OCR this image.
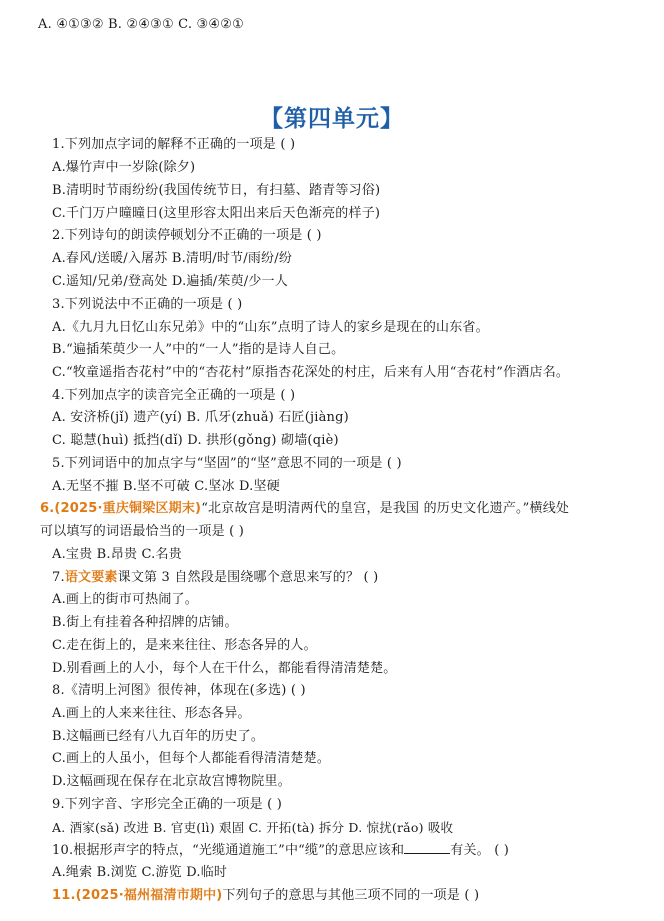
A. ④①③② B. ②④③① C. ③④②①
【第四单元】
1.下列加点字词的解释不正确的一项是 ( )
A.爆竹声中一岁除(除夕)
B.清明时节雨纷纷(我国传统节日，有扫墓、踏青等习俗)
C.千门万户曈曈日(这里形容太阳出来后天色渐亮的样子)
2.下列诗句的朗读停顿划分不正确的一项是 ( )
A.春风/送暖/入屠苏 B.清明/时节/雨纷/纷
C.遥知/兄弟/登高处 D.遍插/茱萸/少一人
3.下列说法中不正确的一项是 ( )
A.《九月九日忆山东兄弟》中的“山东”点明了诗人的家乡是现在的山东省。
B.“遍插茱萸少一人”中的“一人”指的是诗人自己。
C.“牧童遥指杏花村”中的“杏花村”原指杏花深处的村庄，后来有人用“杏花村”作酒店名。
4.下列加点字的读音完全正确的一项是 ( )
A. 安济桥(jǐ) 遗产(yí) B. 爪牙(zhuǎ) 石匠(jiàng)
C. 聪慧(huì) 抵挡(dǐ) D. 拱形(gǒng) 砌墙(qiè)
5.下列词语中的加点字与“坚固”的“坚”意思不同的一项是 ( )
A.无坚不摧 B.坚不可破 C.坚冰 D.坚硬
6.(2025·重庆铜梁区期末)“北京故宫是明清两代的皇宫，是我国 的历史文化遗产。”横线处
可以填写的词语最恰当的一项是 ( )
A.宝贵 B.昂贵 C.名贵
7.语文要素课文第 3 自然段是围绕哪个意思来写的？ ( )
A.画上的街市可热闹了。
B.街上有挂着各种招牌的店铺。
C.走在街上的，是来来往往、形态各异的人。
D.别看画上的人小，每个人在干什么，都能看得清清楚楚。
8.《清明上河图》很传神，体现在(多选) ( )
A.画上的人来来往往、形态各异。
B.这幅画已经有八九百年的历史了。
C.画上的人虽小，但每个人都能看得清清楚楚。
D.这幅画现在保存在北京故宫博物院里。
9.下列字音、字形完全正确的一项是 ( )
A. 酒家(sǎ) 改进 B. 官吏(lì) 艰固 C. 开拓(tà) 拆分 D. 惊扰(rǎo) 吸收
10.根据形声字的特点，“光缆通道施工”中“缆”的意思应该和	有关。 ( )
A.绳索 B.浏览 C.游览 D.临时
11.(2025·福州福清市期中)下列句子的意思与其他三项不同的一项是 ( )
